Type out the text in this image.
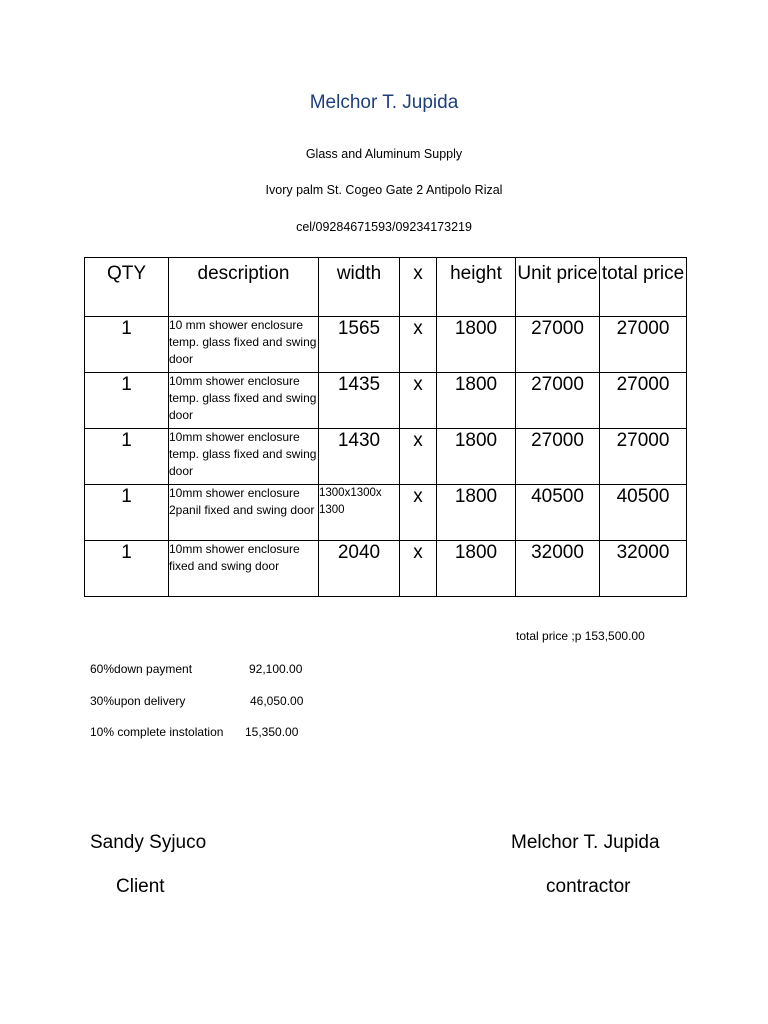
Melchor T. Jupida
Glass and Aluminum Supply
Ivory palm St. Cogeo Gate 2 Antipolo Rizal
cel/09284671593/09234173219
QTY	description	width	x	height	Unit price	total price
1	10 mm shower enclosure temp. glass fixed and swing door	1565	x	1800	27000	27000
1	10mm shower enclosure temp. glass fixed and swing door	1435	x	1800	27000	27000
1	10mm shower enclosure temp. glass fixed and swing door	1430	x	1800	27000	27000
1	10mm shower enclosure 2panil fixed and swing door	1300x1300x 1300	x	1800	40500	40500
1	10mm shower enclosure fixed and swing door	2040	x	1800	32000	32000
total price ;p 153,500.00
60%down payment	92,100.00
30%upon delivery	46,050.00
10% complete instolation 15,350.00
Sandy Syjuco
Client
Melchor T. Jupida
contractor
